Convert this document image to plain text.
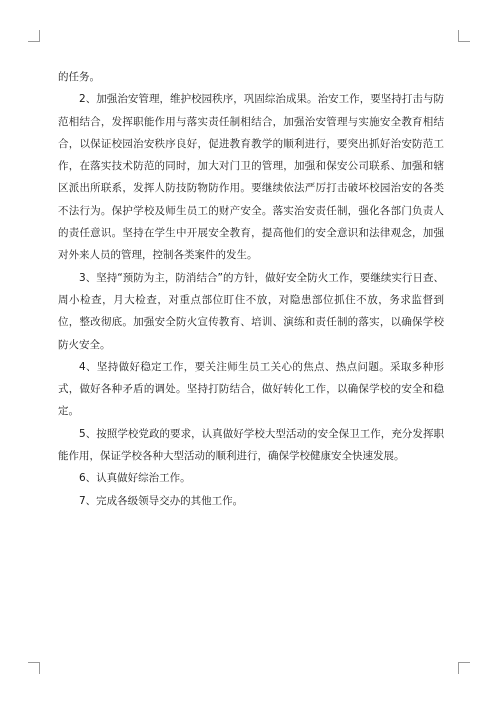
的任务。

2、加强治安管理，维护校园秩序，巩固综治成果。治安工作，要坚持打击与防范相结合，发挥职能作用与落实责任制相结合，加强治安管理与实施安全教育相结合，以保证校园治安秩序良好，促进教育教学的顺利进行，要突出抓好治安防范工作，在落实技术防范的同时，加大对门卫的管理，加强和保安公司联系、加强和辖区派出所联系，发挥人防技防物防作用。要继续依法严厉打击破坏校园治安的各类不法行为。保护学校及师生员工的财产安全。落实治安责任制，强化各部门负责人的责任意识。坚持在学生中开展安全教育，提高他们的安全意识和法律观念，加强对外来人员的管理，控制各类案件的发生。

3、坚持“预防为主，防消结合”的方针，做好安全防火工作，要继续实行日查、周小检查，月大检查，对重点部位盯住不放，对隐患部位抓住不放，务求监督到位，整改彻底。加强安全防火宣传教育、培训、演练和责任制的落实，以确保学校防火安全。

4、坚持做好稳定工作，要关注师生员工关心的焦点、热点问题。采取多种形式，做好各种矛盾的调处。坚持打防结合，做好转化工作，以确保学校的安全和稳定。

5、按照学校党政的要求，认真做好学校大型活动的安全保卫工作，充分发挥职能作用，保证学校各种大型活动的顺利进行，确保学校健康安全快速发展。

6、认真做好综治工作。

7、完成各级领导交办的其他工作。
